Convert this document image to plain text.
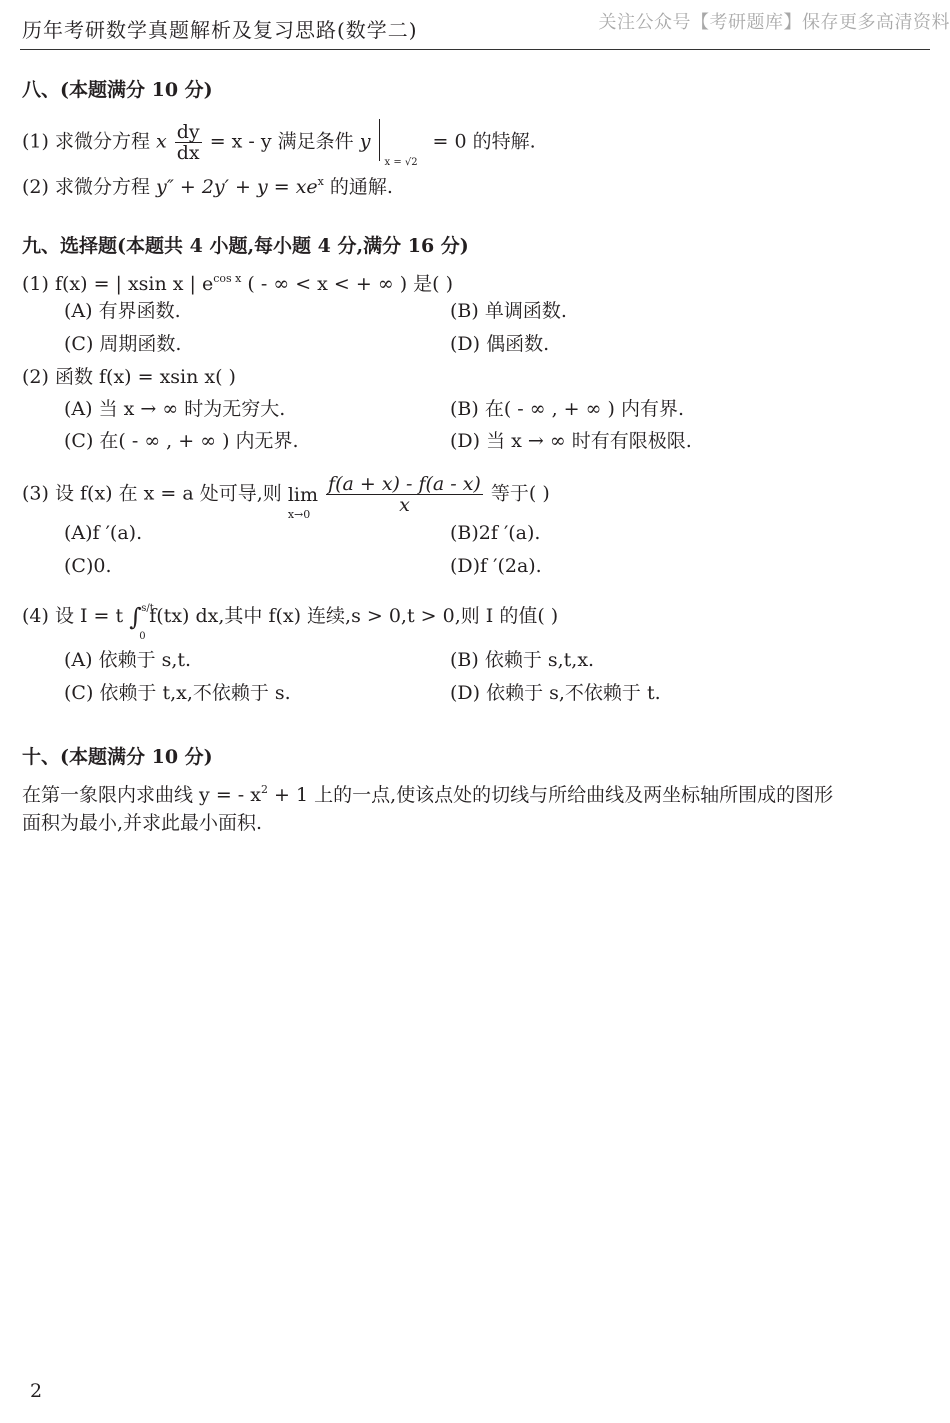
历年考研数学真题解析及复习思路(数学二)	关注公众号【考研题库】保存更多高清资料
八、(本题满分 10 分)
(1) 求微分方程 x $\frac{dy}{dx} = x - y$ 满足条件 y
x = √2
= 0 的特解.
(2) 求微分方程 $y'' + 2y' + y = xe^x$ 的通解.
九、选择题(本题共 4 小题,每小题 4 分,满分 16 分)
(1) f(x) = | xsin x | $e^{cos x}$ ( - ∞ < x < + ∞ ) 是( )
(A) 有界函数.	(B) 单调函数.
(C) 周期函数.	(D) 偶函数.
(2) 函数 f(x) = xsin x( )
(A) 当 x → ∞ 时为无穷大.	(B) 在( - ∞ , + ∞ ) 内有界.
(C) 在( - ∞ , + ∞ ) 内无界.	(D) 当 x → ∞ 时有有限极限.
(3) 设 f(x) 在 x = a 处可导,则 lim
x→0
$\frac{f(a + x) - f(a - x)}{x}$ 等于( )
(A)f ′(a).	(B)2f ′(a).
(C)0.	(D)f ′(2a).
(4) 设 I = t ∫ s/t
0
f(tx) dx,其中 f(x) 连续,s > 0,t > 0,则 I 的值( )
(A) 依赖于 s,t.	(B) 依赖于 s,t,x.
(C) 依赖于 t,x,不依赖于 s.	(D) 依赖于 s,不依赖于 t.
十、(本题满分 10 分)
在第一象限内求曲线 y = - $x^2 + 1$ 上的一点,使该点处的切线与所给曲线及两坐标轴所围成的图形
面积为最小,并求此最小面积.
2
